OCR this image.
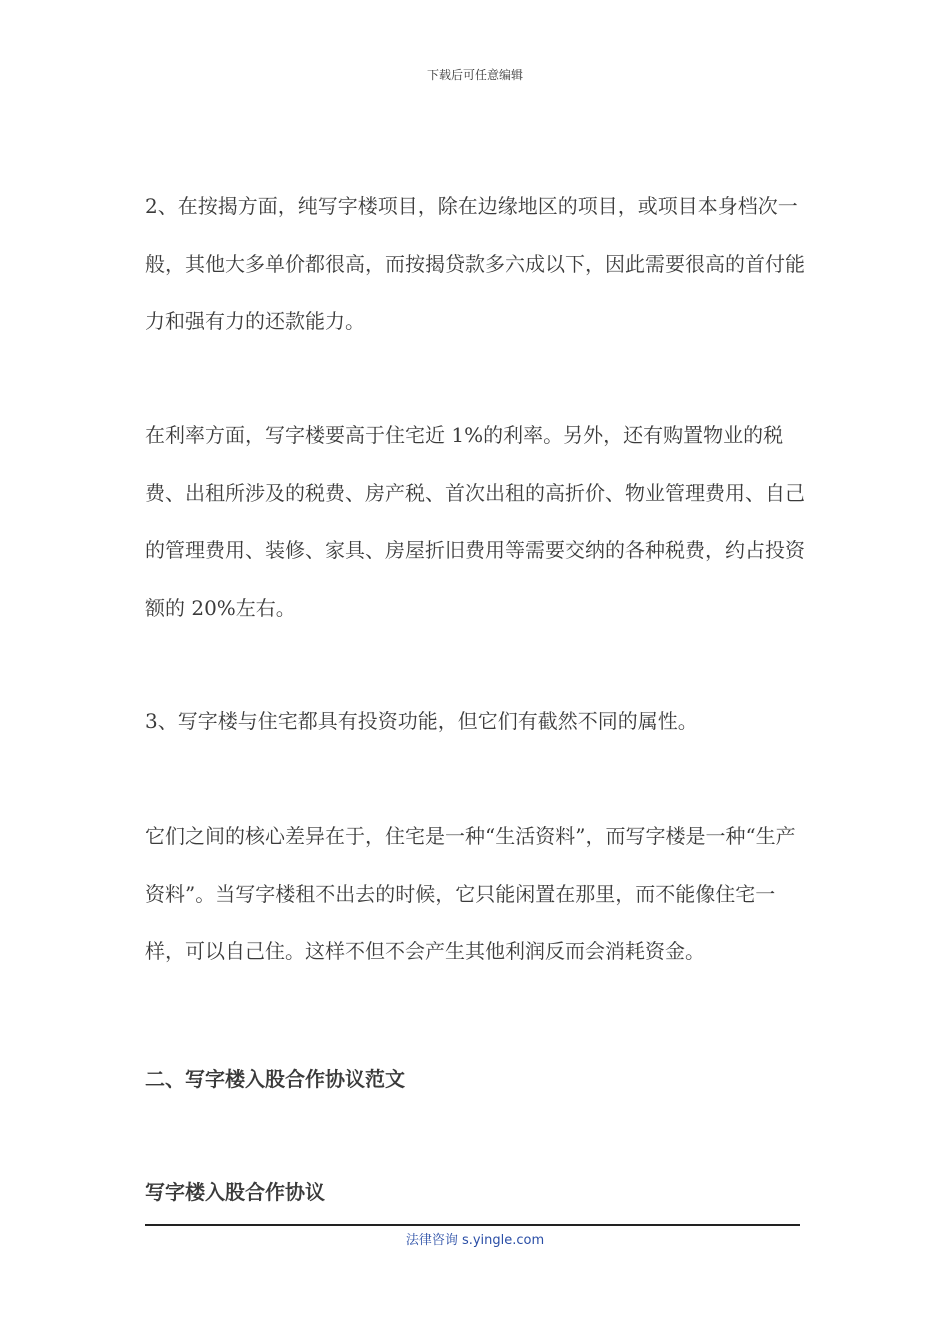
下载后可任意编辑

2、在按揭方面，纯写字楼项目，除在边缘地区的项目，或项目本身档次一般，其他大多单价都很高，而按揭贷款多六成以下，因此需要很高的首付能力和强有力的还款能力。

在利率方面，写字楼要高于住宅近 1%的利率。另外，还有购置物业的税费、出租所涉及的税费、房产税、首次出租的高折价、物业管理费用、自己的管理费用、装修、家具、房屋折旧费用等需要交纳的各种税费，约占投资额的 20%左右。

3、写字楼与住宅都具有投资功能，但它们有截然不同的属性。

它们之间的核心差异在于，住宅是一种“生活资料”，而写字楼是一种“生产资料”。当写字楼租不出去的时候，它只能闲置在那里，而不能像住宅一样，可以自己住。这样不但不会产生其他利润反而会消耗资金。

二、写字楼入股合作协议范文
写字楼入股合作协议
法律咨询 s.yingle.com
